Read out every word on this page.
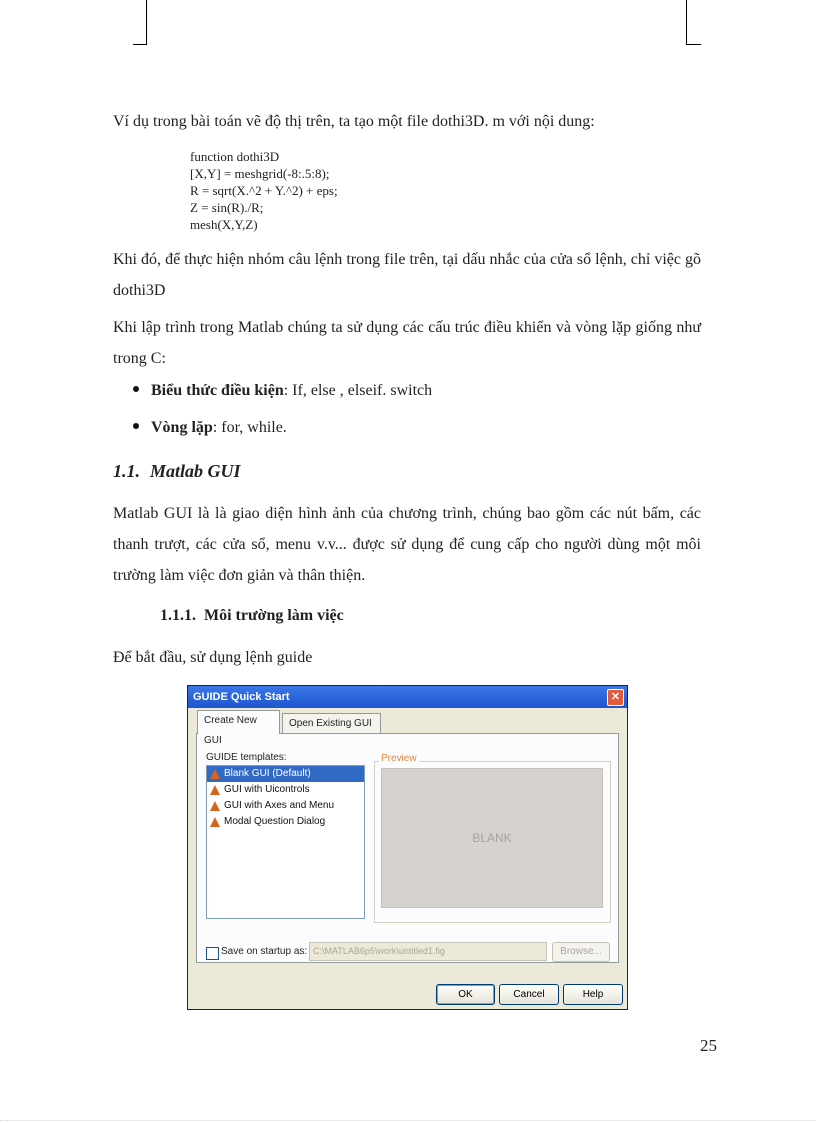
Ví dụ trong bài toán vẽ độ thị trên, ta tạo một file dothi3D. m với nội dung:
function dothi3D
[X,Y] = meshgrid(-8:.5:8);
R = sqrt(X.^2 + Y.^2) + eps;
Z = sin(R)./R;
mesh(X,Y,Z)
Khi đó, để thực hiện nhóm câu lệnh trong file trên, tại dấu nhắc của cửa sổ lệnh, chỉ việc gõ dothi3D
Khi lập trình trong Matlab chúng ta sử dụng các cấu trúc điều khiển và vòng lặp giống như trong C:
Biểu thức điều kiện: If, else , elseif. switch
Vòng lặp: for, while.
1.1. Matlab GUI
Matlab GUI là là giao diện hình ảnh của chương trình, chúng bao gồm các nút bấm, các thanh trượt, các cửa sổ, menu v.v... được sử dụng để cung cấp cho người dùng một môi trường làm việc đơn giản và thân thiện.
1.1.1. Môi trường làm việc
Để bắt đầu, sử dụng lệnh guide
GUIDE Quick Start	✕
Create New GUI
Open Existing GUI
GUIDE templates:
Blank GUI (Default)
GUI with Uicontrols
GUI with Axes and Menu
Modal Question Dialog
Preview
BLANK
Save on startup as: C:\MATLAB6p5\work\untitled1.fig	Browse...
OK	Cancel	Help
25
